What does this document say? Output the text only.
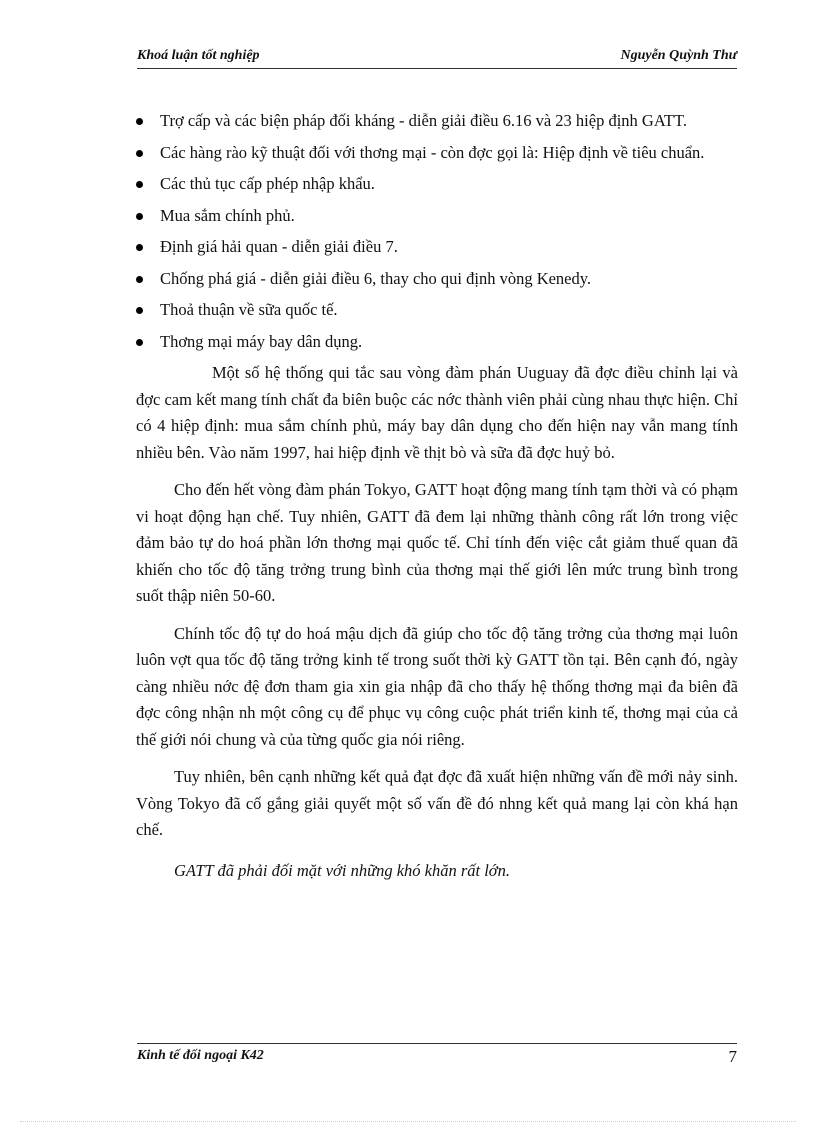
Khoá luận tốt nghiệp	Nguyễn Quỳnh Thư
Trợ cấp và các biện pháp đối kháng - diễn giải điều 6.16 và 23 hiệp định GATT.
Các hàng rào kỹ thuật đối với thơng mại - còn đợc gọi là: Hiệp định về tiêu chuẩn.
Các thủ tục cấp phép nhập khẩu.
Mua sắm chính phủ.
Định giá hải quan - diễn giải điều 7.
Chống phá giá - diễn giải điều 6, thay cho qui định vòng Kenedy.
Thoả thuận về sữa quốc tế.
Thơng mại máy bay dân dụng.

Một số hệ thống qui tắc sau vòng đàm phán Uuguay đã đợc điều chỉnh lại và đợc cam kết mang tính chất đa biên buộc các nớc thành viên phải cùng nhau thực hiện. Chỉ có 4 hiệp định: mua sắm chính phủ, máy bay dân dụng cho đến hiện nay vẫn mang tính nhiều bên. Vào năm 1997, hai hiệp định về thịt bò và sữa đã đợc huỷ bỏ.

Cho đến hết vòng đàm phán Tokyo, GATT hoạt động mang tính tạm thời và có phạm vi hoạt động hạn chế. Tuy nhiên, GATT đã đem lại những thành công rất lớn trong việc đảm bảo tự do hoá phần lớn thơng mại quốc tế. Chỉ tính đến việc cắt giảm thuế quan đã khiến cho tốc độ tăng trởng trung bình của thơng mại thế giới lên mức trung bình trong suốt thập niên 50-60.

Chính tốc độ tự do hoá mậu dịch đã giúp cho tốc độ tăng trởng của thơng mại luôn luôn vợt qua tốc độ tăng trởng kinh tế trong suốt thời kỳ GATT tồn tại. Bên cạnh đó, ngày càng nhiều nớc đệ đơn tham gia xin gia nhập đã cho thấy hệ thống thơng mại đa biên đã đợc công nhận nh một công cụ để phục vụ công cuộc phát triển kinh tế, thơng mại của cả thế giới nói chung và của từng quốc gia nói riêng.

Tuy nhiên, bên cạnh những kết quả đạt đợc đã xuất hiện những vấn đề mới nảy sinh. Vòng Tokyo đã cố gắng giải quyết một số vấn đề đó nhng kết quả mang lại còn khá hạn chế.

GATT đã phải đối mặt với những khó khăn rất lớn.

Kinh tế đối ngoại K42	7
